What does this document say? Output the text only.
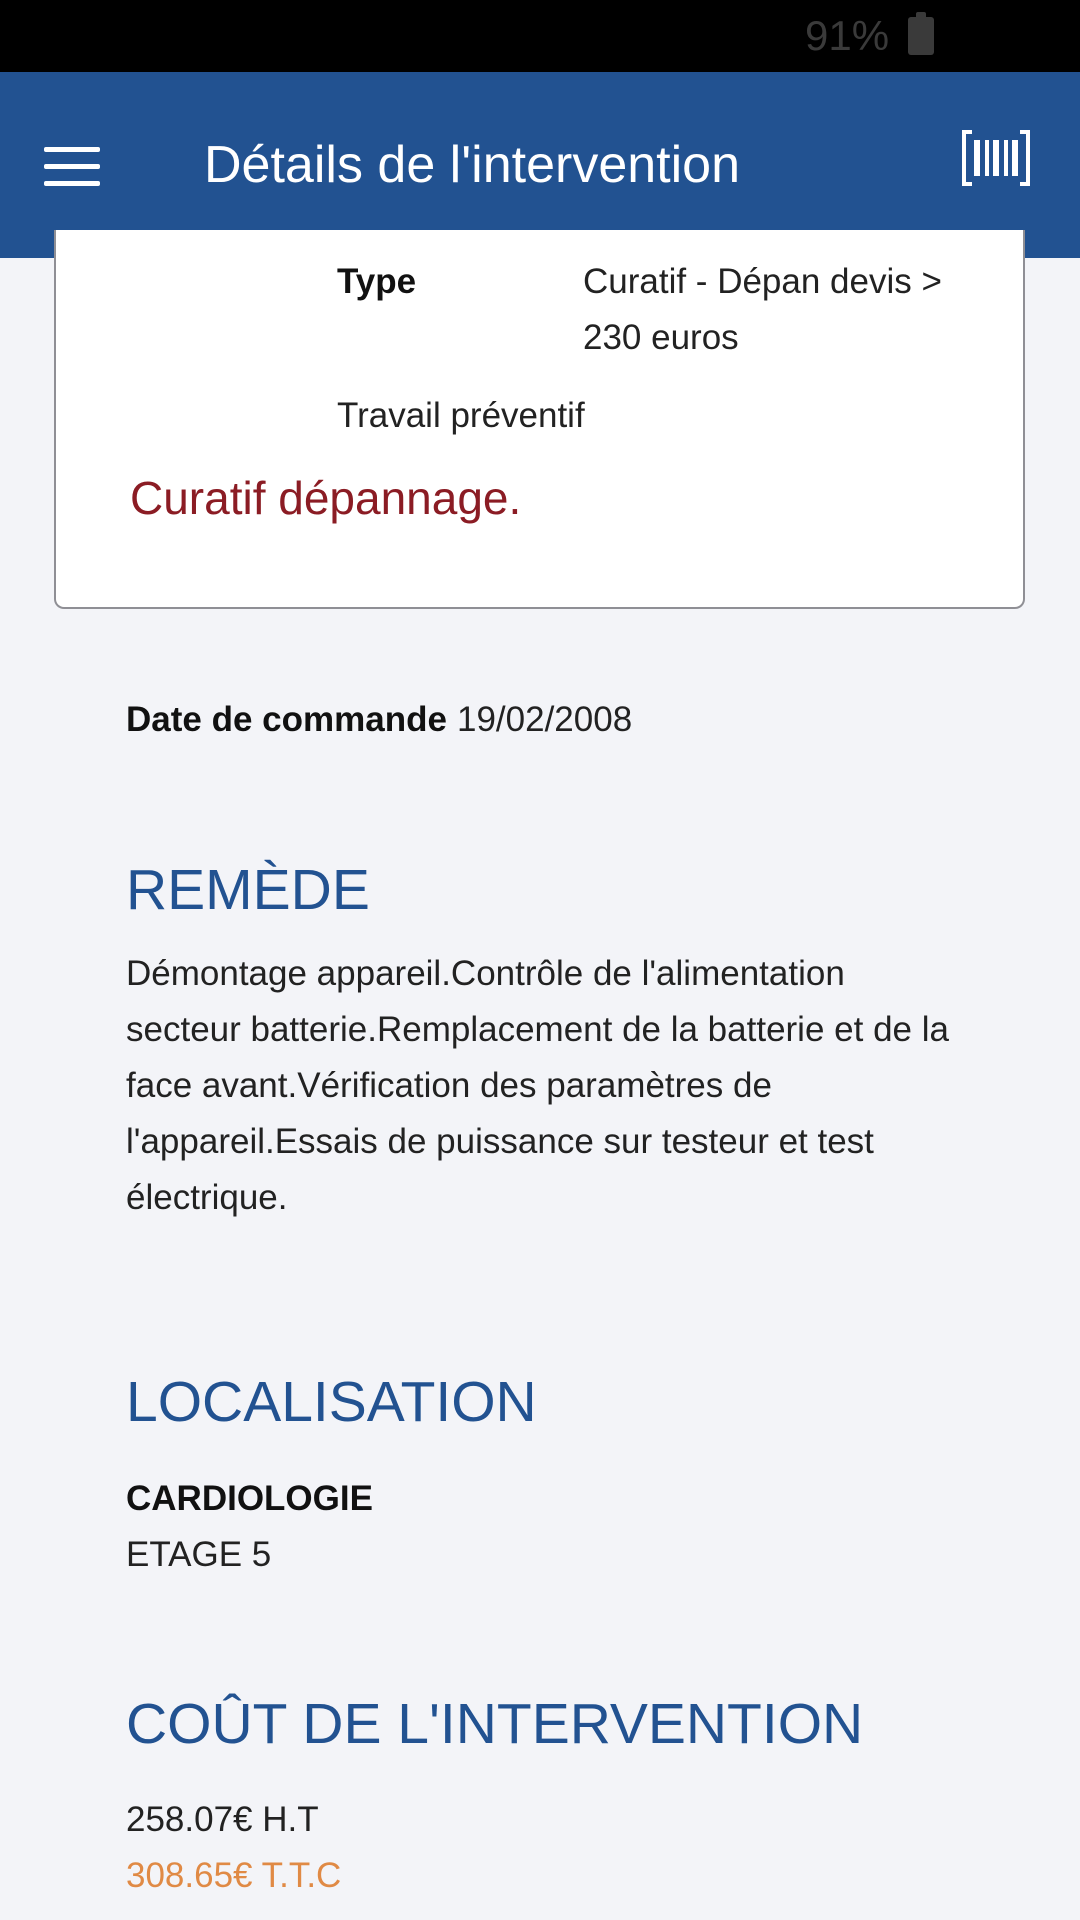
91%
Détails de l'intervention
Type	Curatif - Dépan devis > 230 euros
Travail préventif
Curatif dépannage.
Date de commande 19/02/2008
REMÈDE
Démontage appareil.Contrôle de l'alimentation secteur batterie.Remplacement de la batterie et de la face avant.Vérification des paramètres de l'appareil.Essais de puissance sur testeur et test électrique.
LOCALISATION
CARDIOLOGIE
ETAGE 5
COÛT DE L'INTERVENTION
258.07€ H.T
308.65€ T.T.C
